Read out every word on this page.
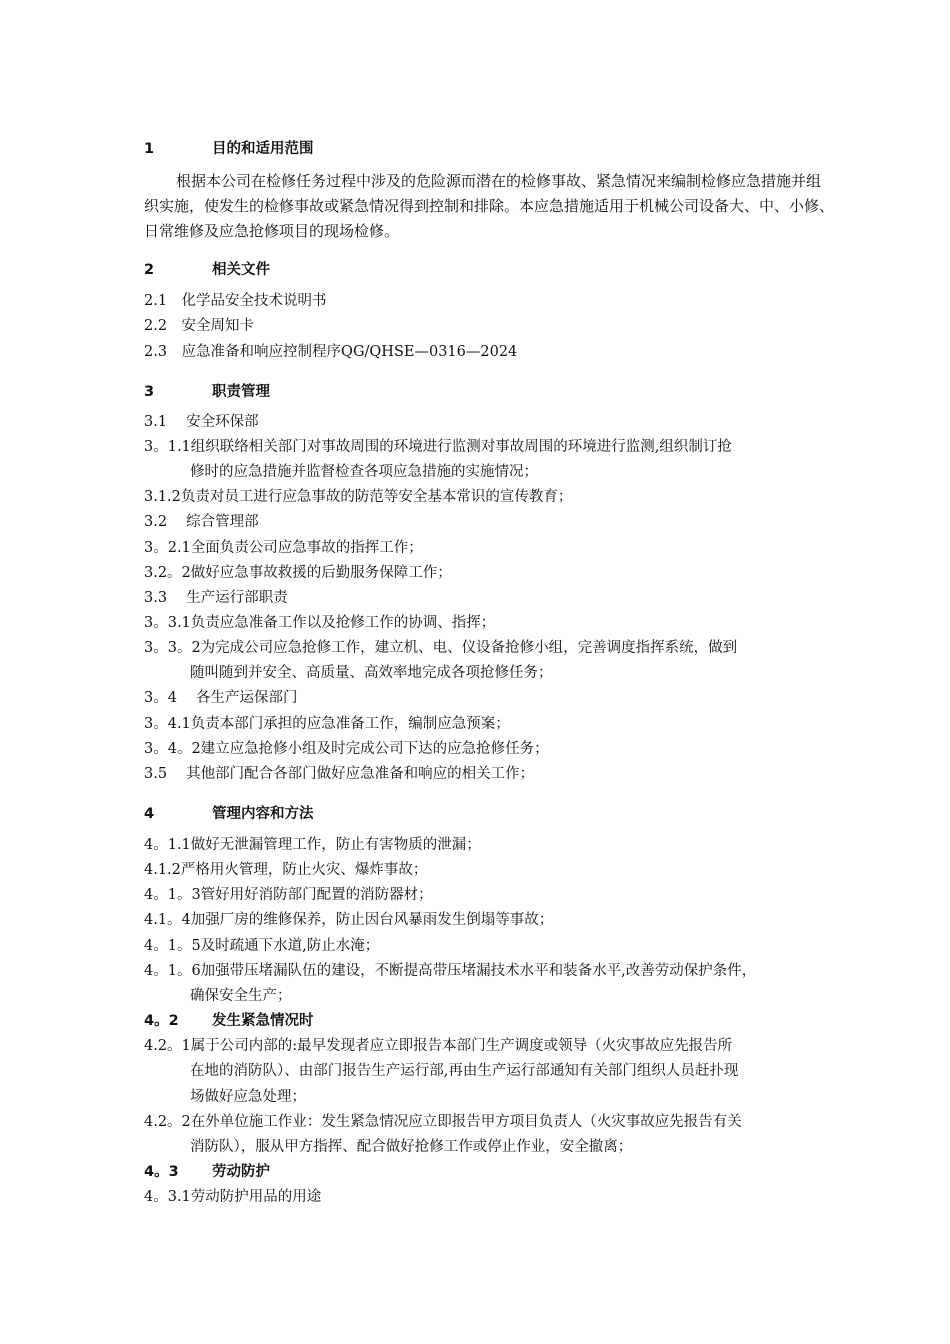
1	目的和适用范围
根据本公司在检修任务过程中涉及的危险源而潜在的检修事故、紧急情况来编制检修应急措施并组织实施，使发生的检修事故或紧急情况得到控制和排除。本应急措施适用于机械公司设备大、中、小修、日常维修及应急抢修项目的现场检修。
2	相关文件
2.1　化学品安全技术说明书
2.2　安全周知卡
2.3　应急准备和响应控制程序QG/QHSE—0316—2024
3	职责管理
3.1　 安全环保部
3。1.1组织联络相关部门对事故周围的环境进行监测对事故周围的环境进行监测,组织制订抢
修时的应急措施并监督检查各项应急措施的实施情况；
3.1.2负责对员工进行应急事故的防范等安全基本常识的宣传教育；
3.2　 综合管理部
3。2.1全面负责公司应急事故的指挥工作；
3.2。2做好应急事故救援的后勤服务保障工作；
3.3　 生产运行部职责
3。3.1负责应急准备工作以及抢修工作的协调、指挥；
3。3。2为完成公司应急抢修工作，建立机、电、仪设备抢修小组，完善调度指挥系统，做到
随叫随到并安全、高质量、高效率地完成各项抢修任务；
3。4　 各生产运保部门
3。4.1负责本部门承担的应急准备工作，编制应急预案；
3。4。2建立应急抢修小组及时完成公司下达的应急抢修任务；
3.5　 其他部门配合各部门做好应急准备和响应的相关工作；
4	管理内容和方法
4。1.1做好无泄漏管理工作，防止有害物质的泄漏；
4.1.2严格用火管理，防止火灾、爆炸事故；
4。1。3管好用好消防部门配置的消防器材；
4.1。4加强厂房的维修保养，防止因台风暴雨发生倒塌等事故；
4。1。5及时疏通下水道,防止水淹；
4。1。6加强带压堵漏队伍的建设，不断提高带压堵漏技术水平和装备水平,改善劳动保护条件，
确保安全生产；
4。2 发生紧急情况时
4.2。1属于公司内部的:最早发现者应立即报告本部门生产调度或领导（火灾事故应先报告所
在地的消防队）、由部门报告生产运行部,再由生产运行部通知有关部门组织人员赶扑现
场做好应急处理；
4.2。2在外单位施工作业：发生紧急情况应立即报告甲方项目负责人（火灾事故应先报告有关
消防队），服从甲方指挥、配合做好抢修工作或停止作业，安全撤离；
4。3 劳动防护
4。3.1劳动防护用品的用途
